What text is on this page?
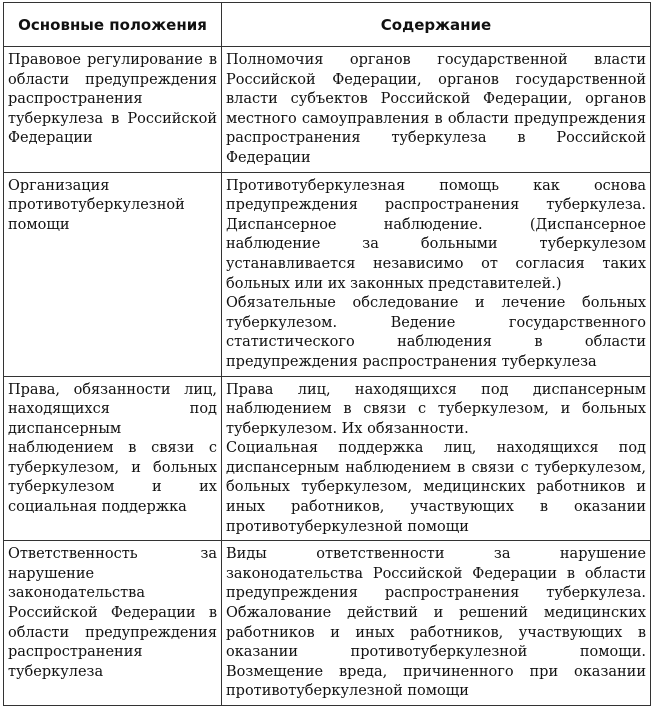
Основные положения	Содержание
Правовое регулирование в области предупреждения распространения туберкулеза в Российской Федерации	Полномочия органов государственной власти Российской Федерации, органов государственной власти субъектов Российской Федерации, органов местного самоуправления в области предупреждения распространения туберкулеза в Российской Федерации

Организация противотуберкулезной помощи	Противотуберкулезная помощь как основа предупреждения распространения туберкулеза. Диспансерное наблюдение. (Диспансерное наблюдение за больными туберкулезом устанавливается независимо от согласия таких больных или их законных представителей.)

Обязательные обследование и лечение больных туберкулезом. Ведение государственного статистического наблюдения в области предупреждения распространения туберкулеза

Права, обязанности лиц, находящихся под диспансерным наблюдением в связи с туберкулезом, и больных туберкулезом и их социальная поддержка	Права лиц, находящихся под диспансерным наблюдением в связи с туберкулезом, и больных туберкулезом. Их обязанности.

Социальная поддержка лиц, находящихся под диспансерным наблюдением в связи с туберкулезом, больных туберкулезом, медицинских работников и иных работников, участвующих в оказании противотуберкулезной помощи

Ответственность за нарушение законодательства Российской Федерации в области предупреждения распространения туберкулеза	Виды ответственности за нарушение законодательства Российской Федерации в области предупреждения распространения туберкулеза. Обжалование действий и решений медицинских работников и иных работников, участвующих в оказании противотуберкулезной помощи. Возмещение вреда, причиненного при оказании противотуберкулезной помощи
